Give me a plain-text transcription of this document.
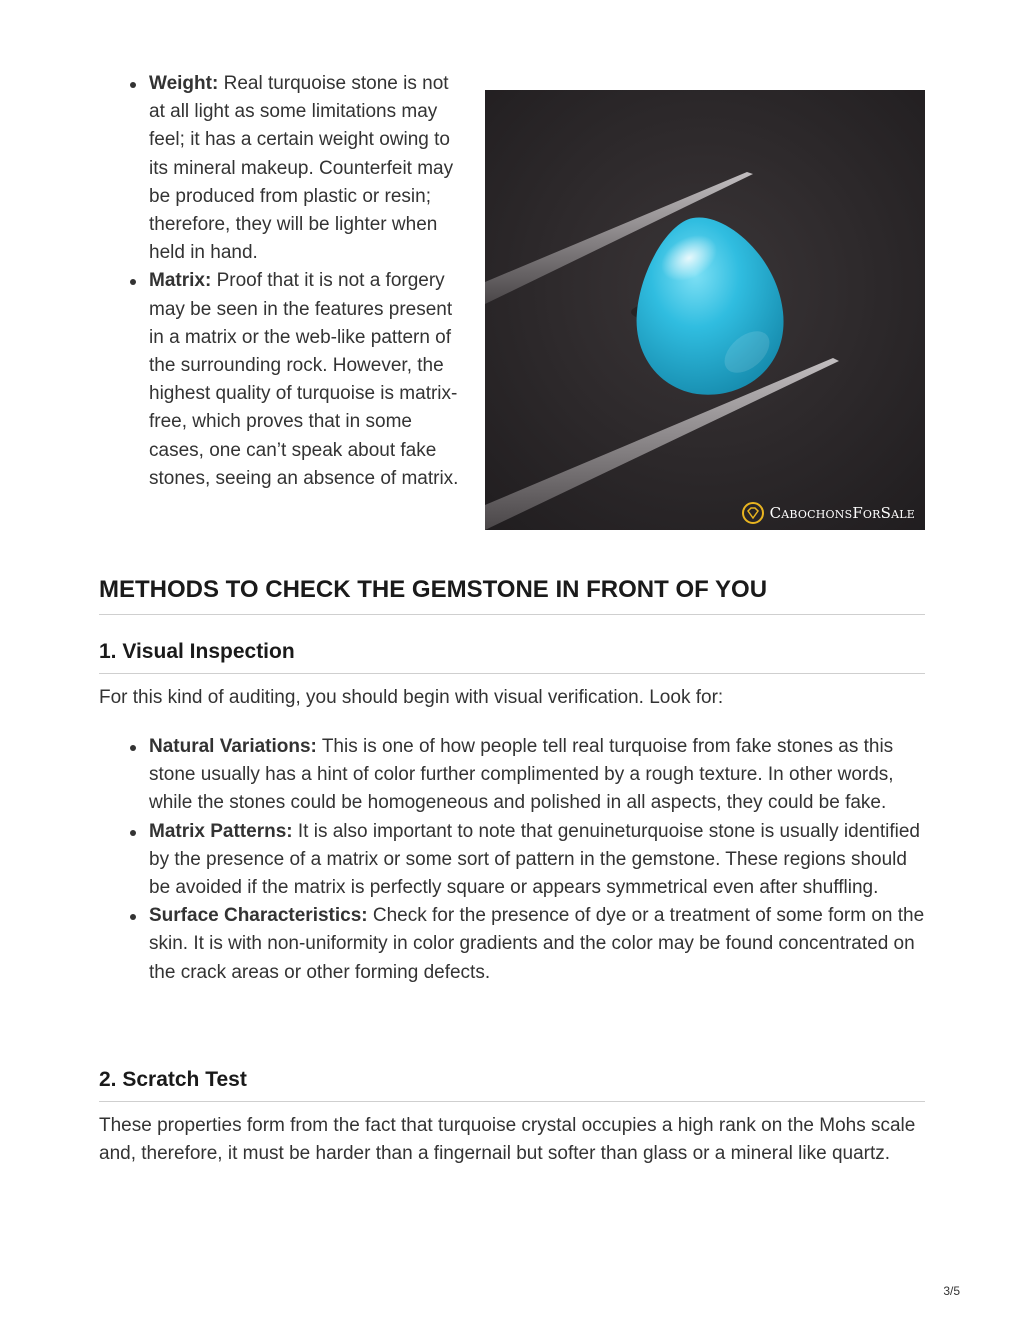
Weight: Real turquoise stone is not at all light as some limitations may feel; it has a certain weight owing to its mineral makeup. Counterfeit may be produced from plastic or resin; therefore, they will be lighter when held in hand.
Matrix: Proof that it is not a forgery may be seen in the features present in a matrix or the web-like pattern of the surrounding rock. However, the highest quality of turquoise is matrix-free, which proves that in some cases, one can’t speak about fake stones, seeing an absence of matrix.
CabochonsForSale
METHODS TO CHECK THE GEMSTONE IN FRONT OF YOU
1. Visual Inspection

For this kind of auditing, you should begin with visual verification. Look for:

Natural Variations: This is one of how people tell real turquoise from fake stones as this stone usually has a hint of color further complimented by a rough texture. In other words, while the stones could be homogeneous and polished in all aspects, they could be fake.
Matrix Patterns: It is also important to note that genuineturquoise stone is usually identified by the presence of a matrix or some sort of pattern in the gemstone. These regions should be avoided if the matrix is perfectly square or appears symmetrical even after shuffling.
Surface Characteristics: Check for the presence of dye or a treatment of some form on the skin. It is with non-uniformity in color gradients and the color may be found concentrated on the crack areas or other forming defects.
2. Scratch Test

These properties form from the fact that turquoise crystal occupies a high rank on the Mohs scale and, therefore, it must be harder than a fingernail but softer than glass or a mineral like quartz.

3/5
